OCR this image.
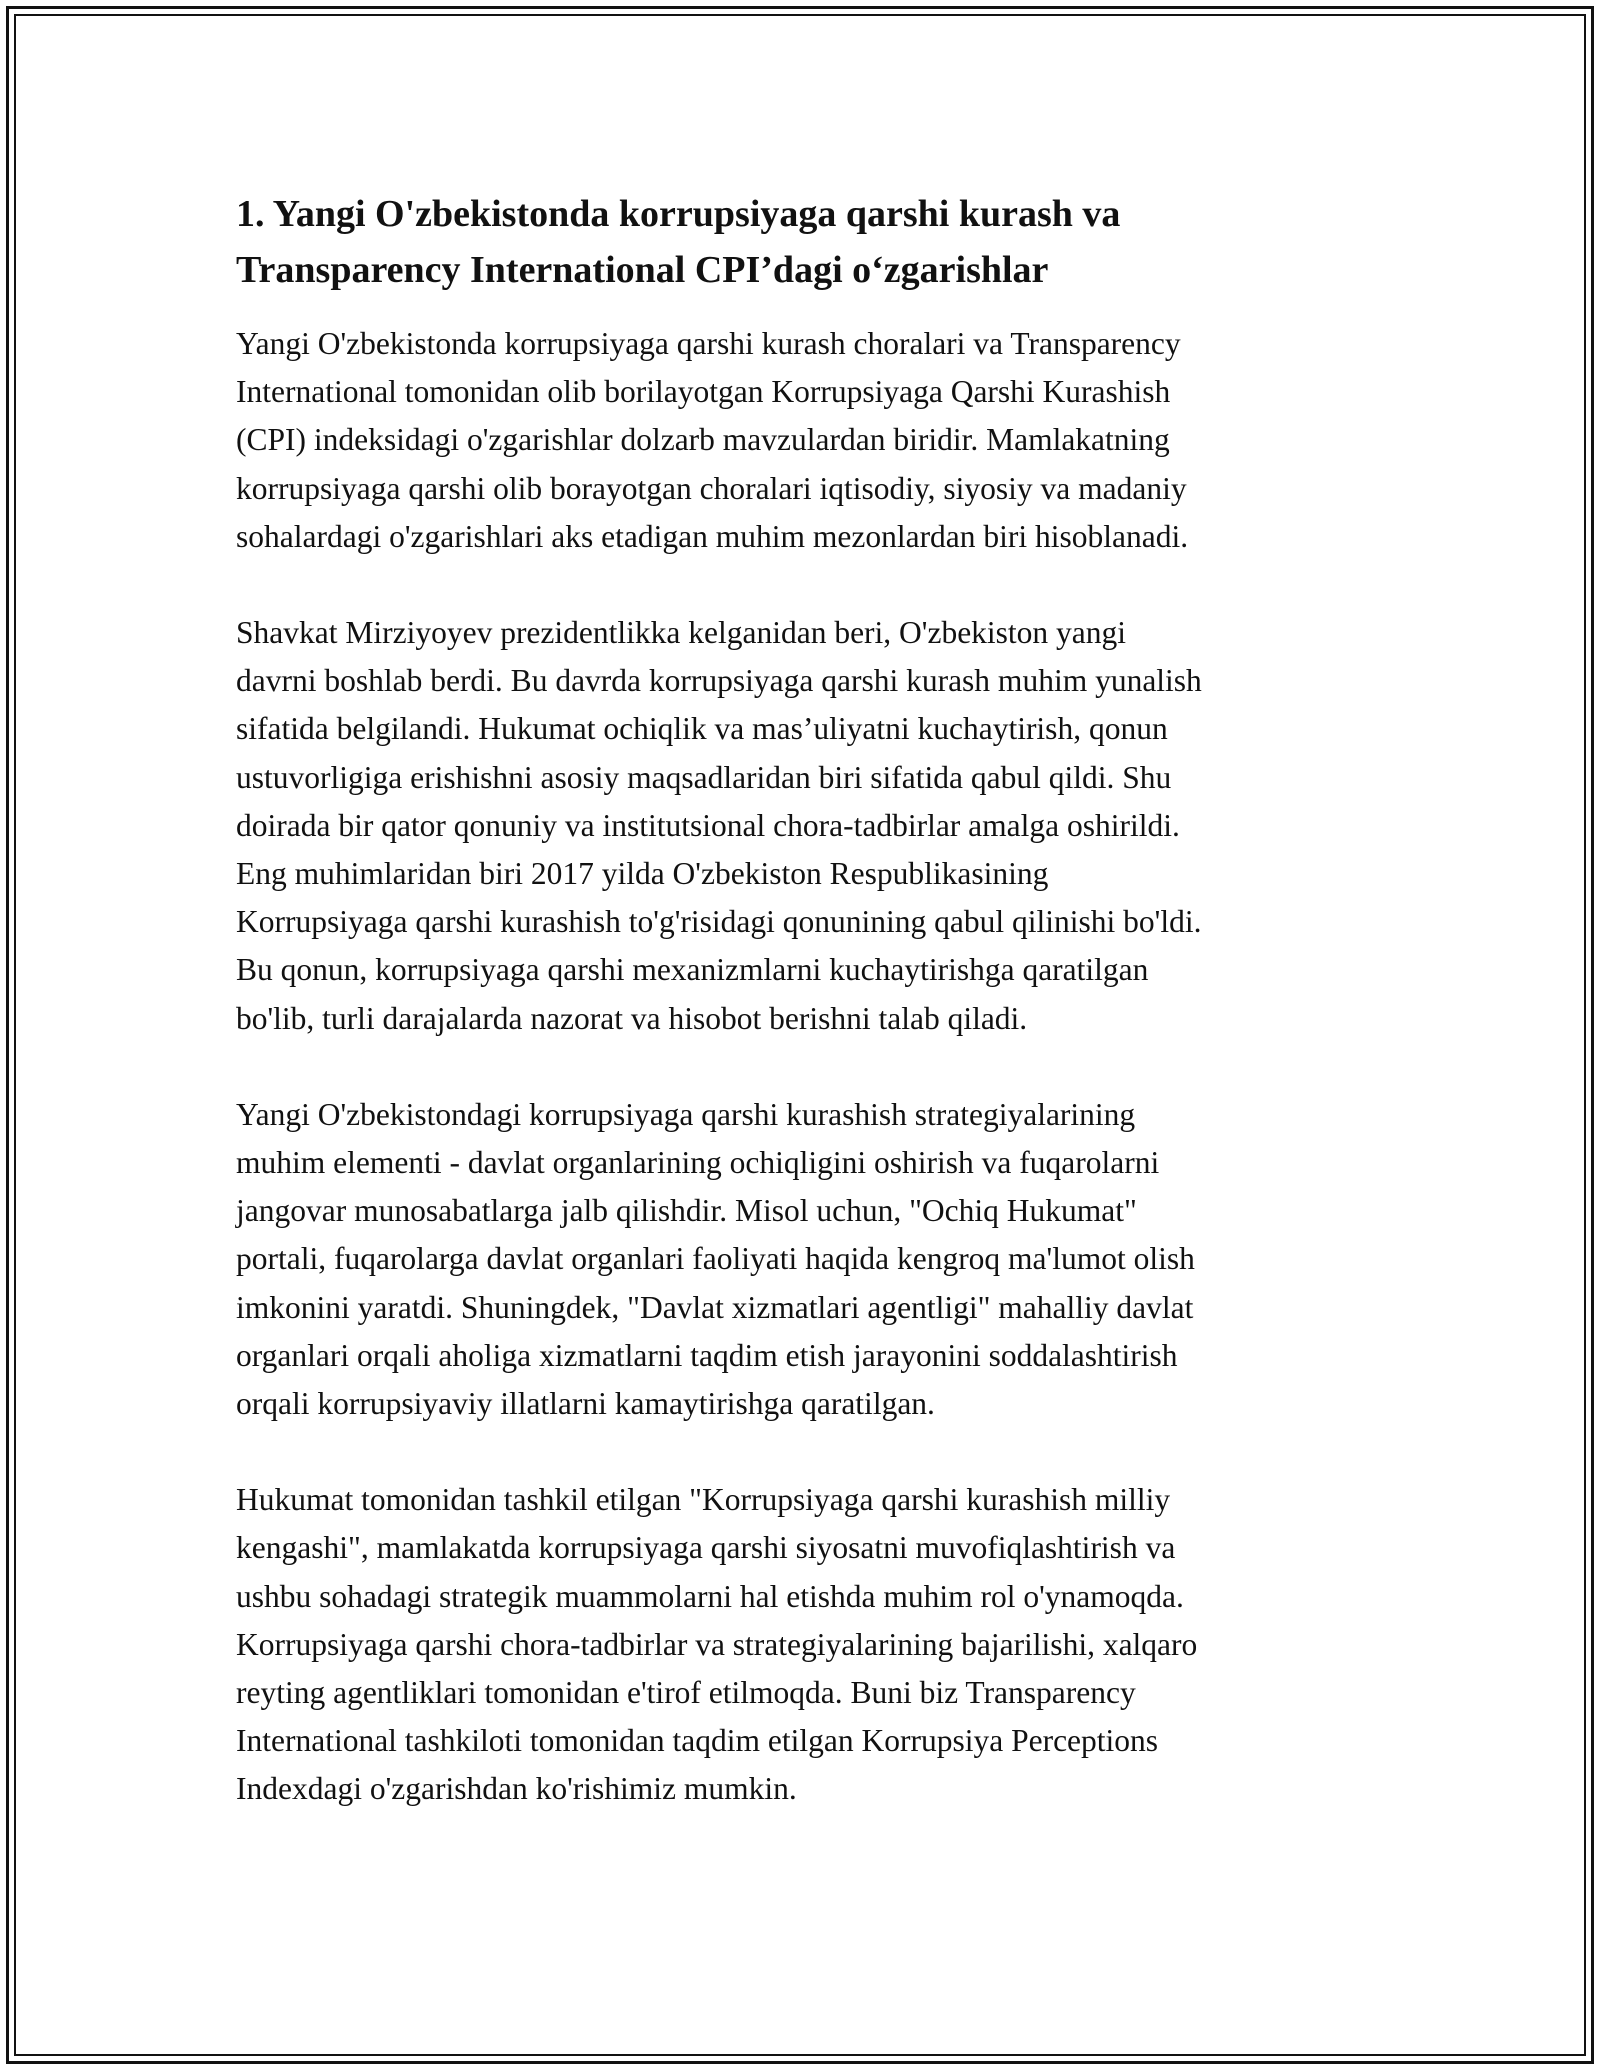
1. Yangi O'zbekistonda korrupsiyaga qarshi kurash va
Transparency International CPI’dagi o‘zgarishlar

Yangi O'zbekistonda korrupsiyaga qarshi kurash choralari va Transparency
International tomonidan olib borilayotgan Korrupsiyaga Qarshi Kurashish
(CPI) indeksidagi o'zgarishlar dolzarb mavzulardan biridir. Mamlakatning
korrupsiyaga qarshi olib borayotgan choralari iqtisodiy, siyosiy va madaniy
sohalardagi o'zgarishlari aks etadigan muhim mezonlardan biri hisoblanadi.

Shavkat Mirziyoyev prezidentlikka kelganidan beri, O'zbekiston yangi
davrni boshlab berdi. Bu davrda korrupsiyaga qarshi kurash muhim yunalish
sifatida belgilandi. Hukumat ochiqlik va mas’uliyatni kuchaytirish, qonun
ustuvorligiga erishishni asosiy maqsadlaridan biri sifatida qabul qildi. Shu
doirada bir qator qonuniy va institutsional chora-tadbirlar amalga oshirildi.
Eng muhimlaridan biri 2017 yilda O'zbekiston Respublikasining
Korrupsiyaga qarshi kurashish to'g'risidagi qonunining qabul qilinishi bo'ldi.
Bu qonun, korrupsiyaga qarshi mexanizmlarni kuchaytirishga qaratilgan
bo'lib, turli darajalarda nazorat va hisobot berishni talab qiladi.

Yangi O'zbekistondagi korrupsiyaga qarshi kurashish strategiyalarining
muhim elementi - davlat organlarining ochiqligini oshirish va fuqarolarni
jangovar munosabatlarga jalb qilishdir. Misol uchun, "Ochiq Hukumat"
portali, fuqarolarga davlat organlari faoliyati haqida kengroq ma'lumot olish
imkonini yaratdi. Shuningdek, "Davlat xizmatlari agentligi" mahalliy davlat
organlari orqali aholiga xizmatlarni taqdim etish jarayonini soddalashtirish
orqali korrupsiyaviy illatlarni kamaytirishga qaratilgan.

Hukumat tomonidan tashkil etilgan "Korrupsiyaga qarshi kurashish milliy
kengashi", mamlakatda korrupsiyaga qarshi siyosatni muvofiqlashtirish va
ushbu sohadagi strategik muammolarni hal etishda muhim rol o'ynamoqda.
Korrupsiyaga qarshi chora-tadbirlar va strategiyalarining bajarilishi, xalqaro
reyting agentliklari tomonidan e'tirof etilmoqda. Buni biz Transparency
International tashkiloti tomonidan taqdim etilgan Korrupsiya Perceptions
Indexdagi o'zgarishdan ko'rishimiz mumkin.
